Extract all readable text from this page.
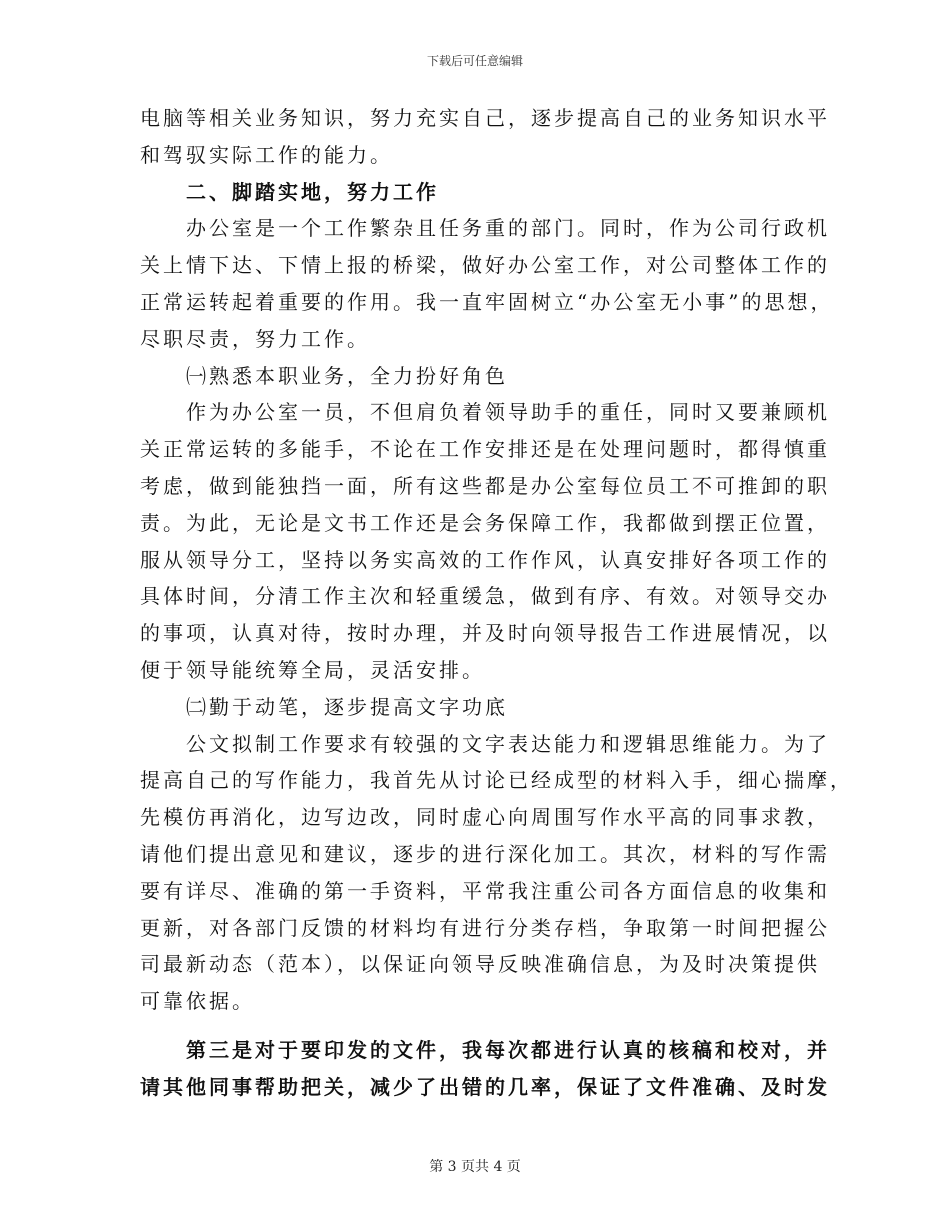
下载后可任意编辑
电脑等相关业务知识，努力充实自己，逐步提高自己的业务知识水平
和驾驭实际工作的能力。
二、脚踏实地，努力工作
办公室是一个工作繁杂且任务重的部门。同时，作为公司行政机
关上情下达、下情上报的桥梁，做好办公室工作，对公司整体工作的
正常运转起着重要的作用。我一直牢固树立“办公室无小事”的思想，
尽职尽责，努力工作。
㈠熟悉本职业务，全力扮好角色
作为办公室一员，不但肩负着领导助手的重任，同时又要兼顾机
关正常运转的多能手，不论在工作安排还是在处理问题时，都得慎重
考虑，做到能独挡一面，所有这些都是办公室每位员工不可推卸的职
责。为此，无论是文书工作还是会务保障工作，我都做到摆正位置，
服从领导分工，坚持以务实高效的工作作风，认真安排好各项工作的
具体时间，分清工作主次和轻重缓急，做到有序、有效。对领导交办
的事项，认真对待，按时办理，并及时向领导报告工作进展情况，以
便于领导能统筹全局，灵活安排。
㈡勤于动笔，逐步提高文字功底
公文拟制工作要求有较强的文字表达能力和逻辑思维能力。为了
提高自己的写作能力，我首先从讨论已经成型的材料入手，细心揣摩，
先模仿再消化，边写边改，同时虚心向周围写作水平高的同事求教，
请他们提出意见和建议，逐步的进行深化加工。其次，材料的写作需
要有详尽、准确的第一手资料，平常我注重公司各方面信息的收集和
更新，对各部门反馈的材料均有进行分类存档，争取第一时间把握公
司最新动态（范本），以保证向领导反映准确信息，为及时决策提供
可靠依据。
第三是对于要印发的文件，我每次都进行认真的核稿和校对，并
请其他同事帮助把关，减少了出错的几率，保证了文件准确、及时发
第 3 页共 4 页
